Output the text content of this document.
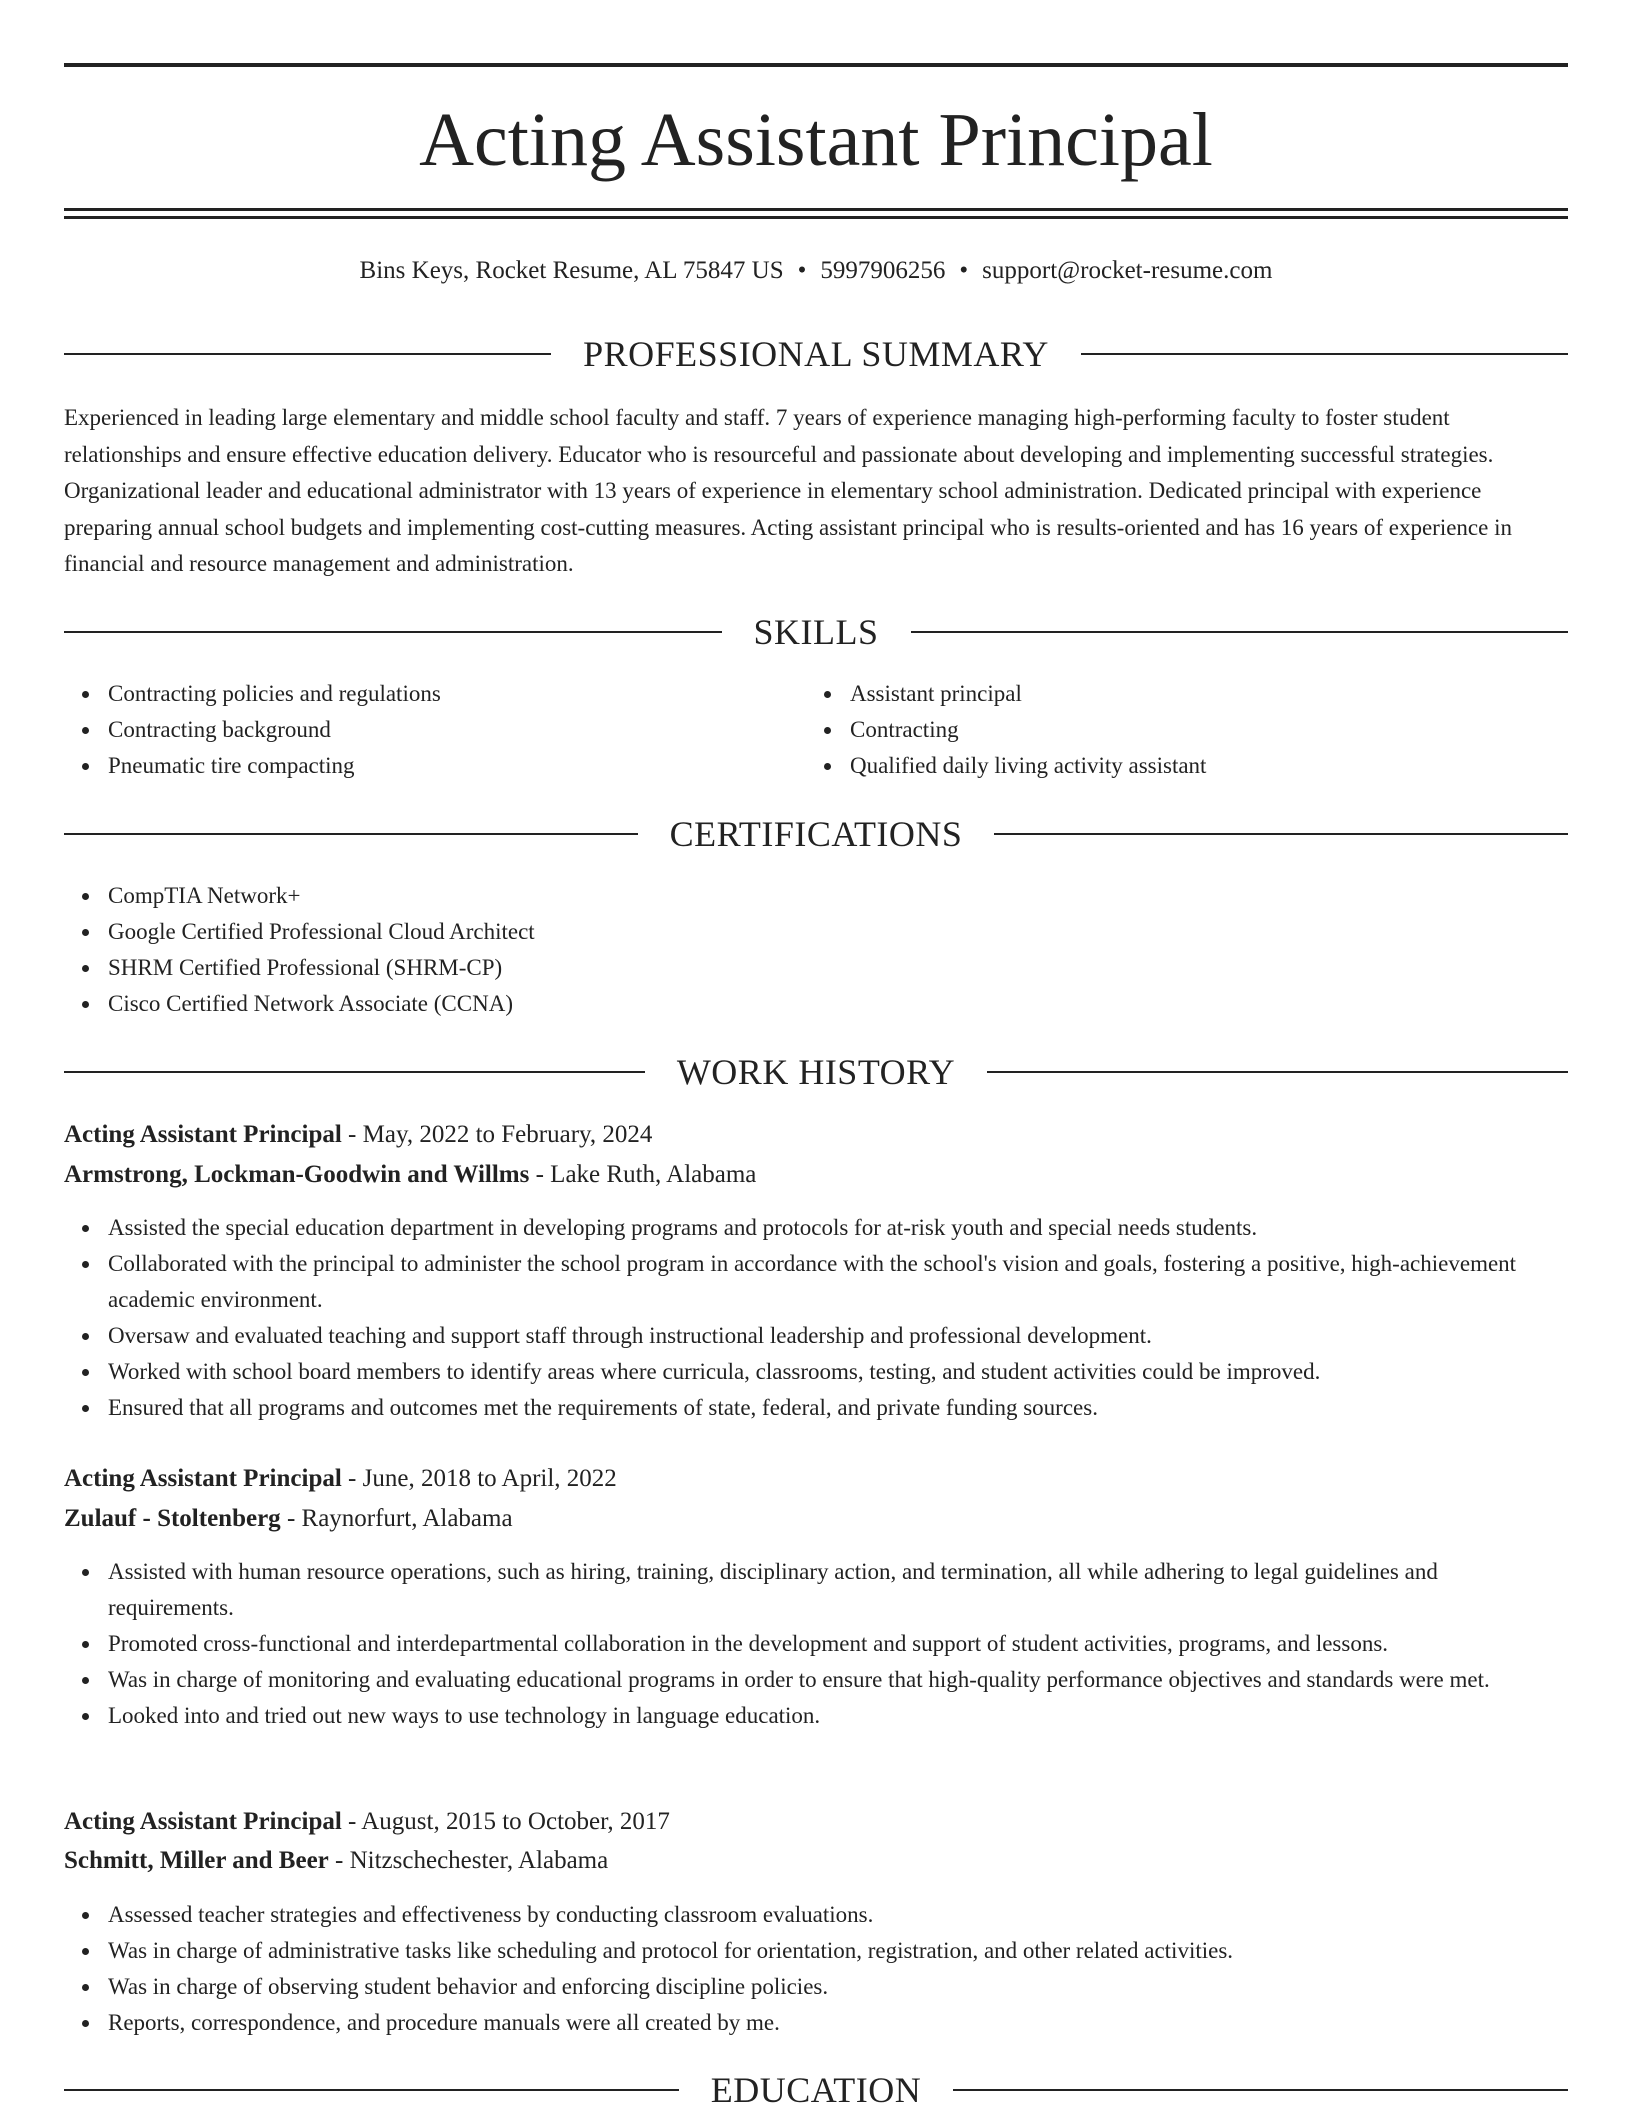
Acting Assistant Principal
Bins Keys, Rocket Resume, AL 75847 US • 5997906256 • support@rocket-resume.com
PROFESSIONAL SUMMARY

Experienced in leading large elementary and middle school faculty and staff. 7 years of experience managing high-performing faculty to foster student relationships and ensure effective education delivery. Educator who is resourceful and passionate about developing and implementing successful strategies. Organizational leader and educational administrator with 13 years of experience in elementary school administration. Dedicated principal with experience preparing annual school budgets and implementing cost-cutting measures. Acting assistant principal who is results-oriented and has 16 years of experience in financial and resource management and administration.

SKILLS
Contracting policies and regulations
Contracting background
Pneumatic tire compacting
Assistant principal
Contracting
Qualified daily living activity assistant
CERTIFICATIONS
CompTIA Network+
Google Certified Professional Cloud Architect
SHRM Certified Professional (SHRM-CP)
Cisco Certified Network Associate (CCNA)
WORK HISTORY
Acting Assistant Principal - May, 2022 to February, 2024
Armstrong, Lockman-Goodwin and Willms - Lake Ruth, Alabama
Assisted the special education department in developing programs and protocols for at-risk youth and special needs students.
Collaborated with the principal to administer the school program in accordance with the school's vision and goals, fostering a positive, high-achievement academic environment.
Oversaw and evaluated teaching and support staff through instructional leadership and professional development.
Worked with school board members to identify areas where curricula, classrooms, testing, and student activities could be improved.
Ensured that all programs and outcomes met the requirements of state, federal, and private funding sources.
Acting Assistant Principal - June, 2018 to April, 2022
Zulauf - Stoltenberg - Raynorfurt, Alabama
Assisted with human resource operations, such as hiring, training, disciplinary action, and termination, all while adhering to legal guidelines and requirements.
Promoted cross-functional and interdepartmental collaboration in the development and support of student activities, programs, and lessons.
Was in charge of monitoring and evaluating educational programs in order to ensure that high-quality performance objectives and standards were met.
Looked into and tried out new ways to use technology in language education.
Acting Assistant Principal - August, 2015 to October, 2017
Schmitt, Miller and Beer - Nitzschechester, Alabama
Assessed teacher strategies and effectiveness by conducting classroom evaluations.
Was in charge of administrative tasks like scheduling and protocol for orientation, registration, and other related activities.
Was in charge of observing student behavior and enforcing discipline policies.
Reports, correspondence, and procedure manuals were all created by me.
EDUCATION
